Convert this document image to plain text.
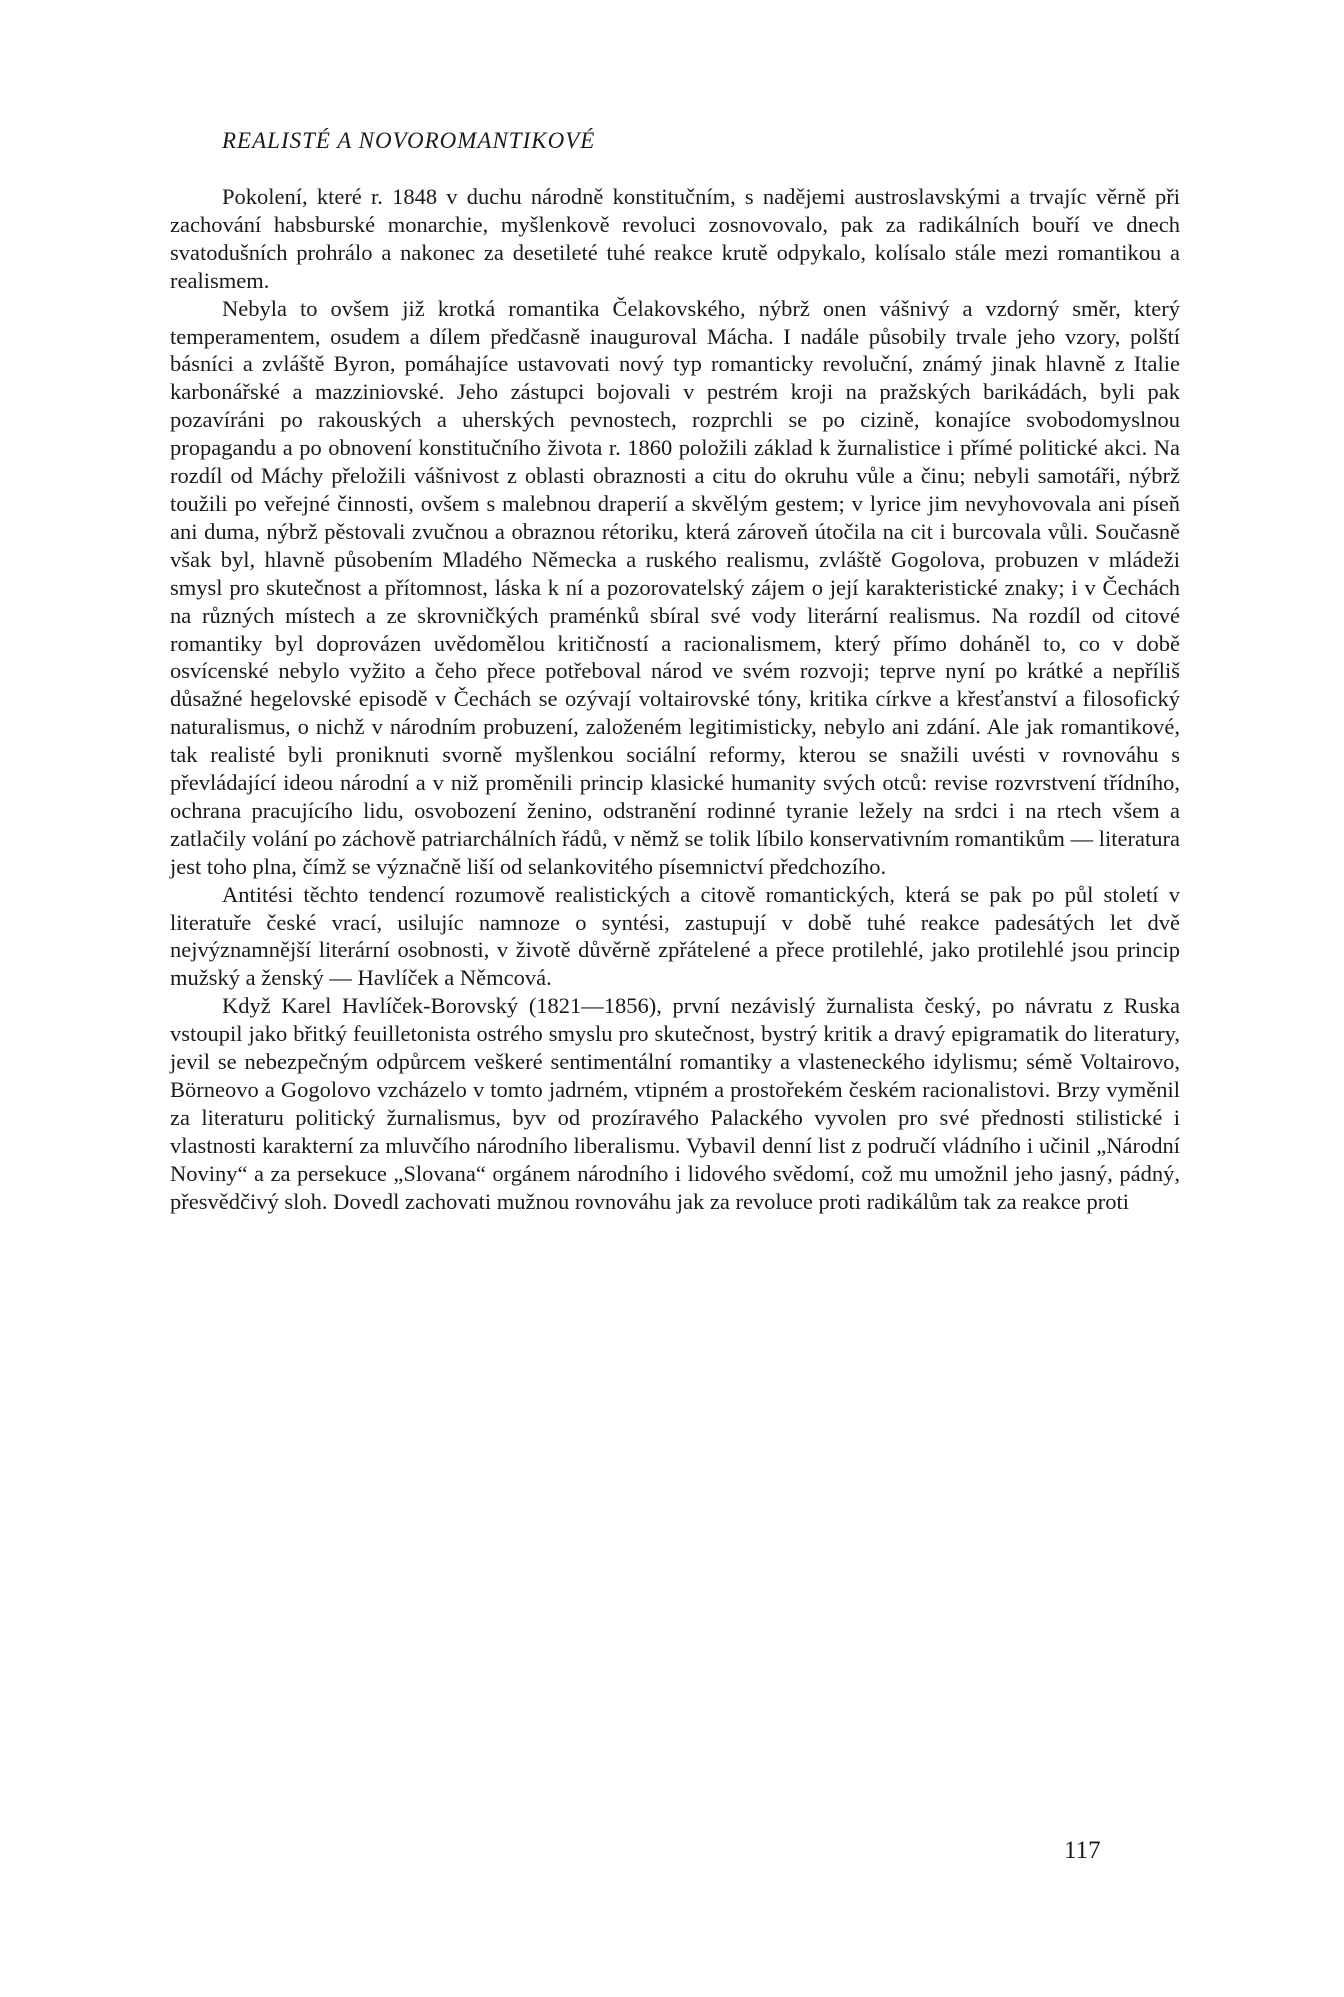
REALISTÉ A NOVOROMANTIKOVÉ

Pokolení, které r. 1848 v duchu národně konstitučním, s nadějemi austroslavskými a trvajíc věrně při zachování habsburské monarchie, myšlenkově revoluci zosnovovalo, pak za radikálních bouří ve dnech svatodušních prohrálo a nakonec za desetileté tuhé reakce krutě odpykalo, kolísalo stále mezi romantikou a realismem.

Nebyla to ovšem již krotká romantika Čelakovského, nýbrž onen vášnivý a vzdorný směr, který temperamentem, osudem a dílem předčasně inauguroval Mácha. I nadále působily trvale jeho vzory, polští básníci a zvláště Byron, pomáhajíce ustavovati nový typ romanticky revoluční, známý jinak hlavně z Italie karbonářské a mazziniovské. Jeho zástupci bojovali v pestrém kroji na pražských barikádách, byli pak pozavíráni po rakouských a uherských pevnostech, rozprchli se po cizině, konajíce svobodomyslnou propagandu a po obnovení konstitučního života r. 1860 položili základ k žurnalistice i přímé politické akci. Na rozdíl od Máchy přeložili vášnivost z oblasti obraznosti a citu do okruhu vůle a činu; nebyli samotáři, nýbrž toužili po veřejné činnosti, ovšem s malebnou draperií a skvělým gestem; v lyrice jim nevyhovovala ani píseň ani duma, nýbrž pěstovali zvučnou a obraznou rétoriku, která zároveň útočila na cit i burcovala vůli. Současně však byl, hlavně působením Mladého Německa a ruského realismu, zvláště Gogolova, probuzen v mládeži smysl pro skutečnost a přítomnost, láska k ní a pozorovatelský zájem o její karakteristické znaky; i v Čechách na různých místech a ze skrovničkých praménků sbíral své vody literární realismus. Na rozdíl od citové romantiky byl doprovázen uvědomělou kritičností a racionalismem, který přímo doháněl to, co v době osvícenské nebylo vyžito a čeho přece potřeboval národ ve svém rozvoji; teprve nyní po krátké a nepříliš důsažné hegelovské episodě v Čechách se ozývají voltairovské tóny, kritika církve a křesťanství a filosofický naturalismus, o nichž v národním probuzení, založeném legitimisticky, nebylo ani zdání. Ale jak romantikové, tak realisté byli proniknuti svorně myšlenkou sociální reformy, kterou se snažili uvésti v rovnováhu s převládající ideou národní a v niž proměnili princip klasické humanity svých otců: revise rozvrstvení třídního, ochrana pracujícího lidu, osvobození ženino, odstranění rodinné tyranie ležely na srdci i na rtech všem a zatlačily volání po záchově patriarchálních řádů, v němž se tolik líbilo konservativním romantikům — literatura jest toho plna, čímž se význačně liší od selankovitého písemnictví předchozího.

Antitési těchto tendencí rozumově realistických a citově romantických, která se pak po půl století v literatuře české vrací, usilujíc namnoze o syntési, zastupují v době tuhé reakce padesátých let dvě nejvýznamnější literární osobnosti, v životě důvěrně zpřátelené a přece protilehlé, jako protilehlé jsou princip mužský a ženský — Havlíček a Němcová.

Když Karel Havlíček-Borovský (1821—1856), první nezávislý žurnalista český, po návratu z Ruska vstoupil jako břitký feuilletonista ostrého smyslu pro skutečnost, bystrý kritik a dravý epigramatik do literatury, jevil se nebezpečným odpůrcem veškeré sentimentální romantiky a vlasteneckého idylismu; sémě Voltairovo, Börneovo a Gogolovo vzcházelo v tomto jadrném, vtipném a prostořekém českém racionalistovi. Brzy vyměnil za literaturu politický žurnalismus, byv od prozíravého Palackého vyvolen pro své přednosti stilistické i vlastnosti karakterní za mluvčího národního liberalismu. Vybavil denní list z područí vládního i učinil „Národní Noviny“ a za persekuce „Slovana“ orgánem národního i lidového svědomí, což mu umožnil jeho jasný, pádný, přesvědčivý sloh. Dovedl zachovati mužnou rovnováhu jak za revoluce proti radikálům tak za reakce proti

117
